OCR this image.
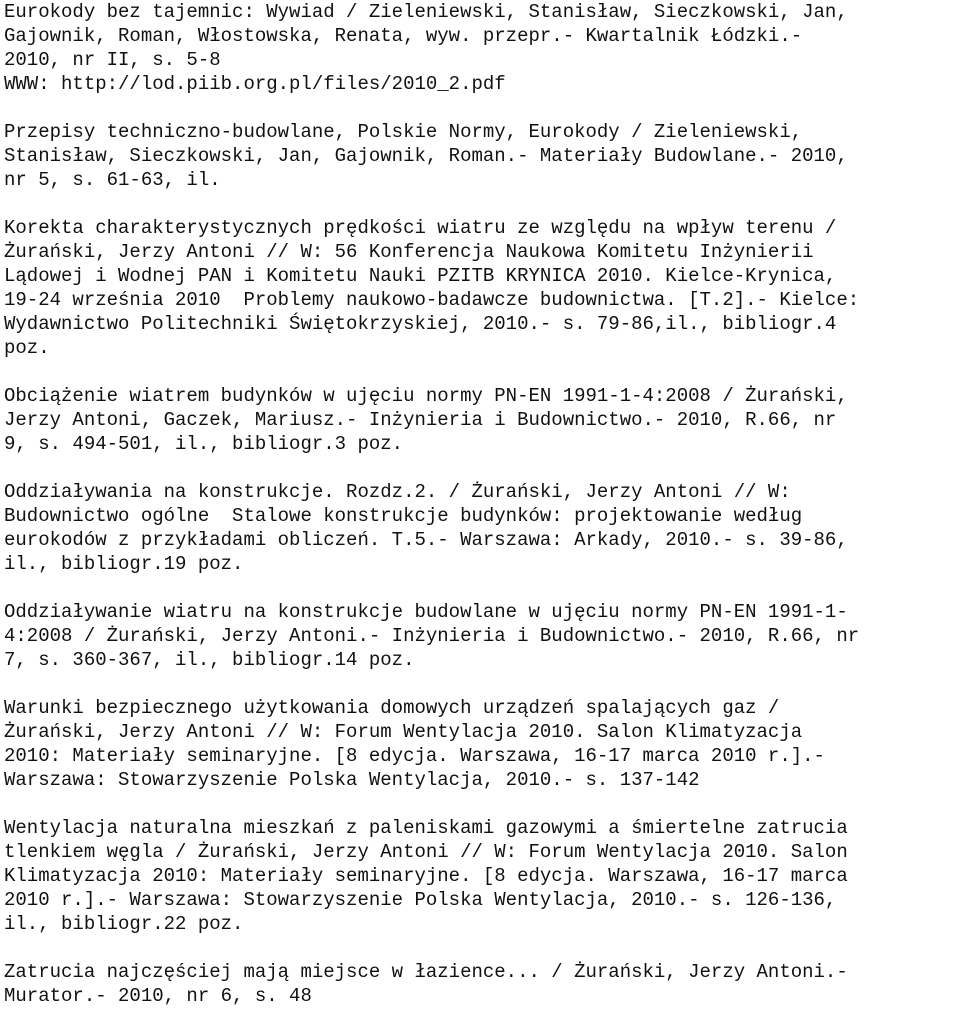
Eurokody bez tajemnic: Wywiad / Zieleniewski, Stanisław, Sieczkowski, Jan,
Gajownik, Roman, Włostowska, Renata, wyw. przepr.- Kwartalnik Łódzki.-
2010, nr II, s. 5-8
WWW: http://lod.piib.org.pl/files/2010_2.pdf
Przepisy techniczno-budowlane, Polskie Normy, Eurokody / Zieleniewski,
Stanisław, Sieczkowski, Jan, Gajownik, Roman.- Materiały Budowlane.- 2010,
nr 5, s. 61-63, il.
Korekta charakterystycznych prędkości wiatru ze względu na wpływ terenu /
Żurański, Jerzy Antoni // W: 56 Konferencja Naukowa Komitetu Inżynierii
Lądowej i Wodnej PAN i Komitetu Nauki PZITB KRYNICA 2010. Kielce-Krynica,
19-24 września 2010  Problemy naukowo-badawcze budownictwa. [T.2].- Kielce:
Wydawnictwo Politechniki Świętokrzyskiej, 2010.- s. 79-86,il., bibliogr.4
poz.
Obciążenie wiatrem budynków w ujęciu normy PN-EN 1991-1-4:2008 / Żurański,
Jerzy Antoni, Gaczek, Mariusz.- Inżynieria i Budownictwo.- 2010, R.66, nr
9, s. 494-501, il., bibliogr.3 poz.
Oddziaływania na konstrukcje. Rozdz.2. / Żurański, Jerzy Antoni // W:
Budownictwo ogólne  Stalowe konstrukcje budynków: projektowanie według
eurokodów z przykładami obliczeń. T.5.- Warszawa: Arkady, 2010.- s. 39-86,
il., bibliogr.19 poz.
Oddziaływanie wiatru na konstrukcje budowlane w ujęciu normy PN-EN 1991-1-
4:2008 / Żurański, Jerzy Antoni.- Inżynieria i Budownictwo.- 2010, R.66, nr
7, s. 360-367, il., bibliogr.14 poz.
Warunki bezpiecznego użytkowania domowych urządzeń spalających gaz /
Żurański, Jerzy Antoni // W: Forum Wentylacja 2010. Salon Klimatyzacja
2010: Materiały seminaryjne. [8 edycja. Warszawa, 16-17 marca 2010 r.].-
Warszawa: Stowarzyszenie Polska Wentylacja, 2010.- s. 137-142
Wentylacja naturalna mieszkań z paleniskami gazowymi a śmiertelne zatrucia
tlenkiem węgla / Żurański, Jerzy Antoni // W: Forum Wentylacja 2010. Salon
Klimatyzacja 2010: Materiały seminaryjne. [8 edycja. Warszawa, 16-17 marca
2010 r.].- Warszawa: Stowarzyszenie Polska Wentylacja, 2010.- s. 126-136,
il., bibliogr.22 poz.
Zatrucia najczęściej mają miejsce w łazience... / Żurański, Jerzy Antoni.-
Murator.- 2010, nr 6, s. 48
